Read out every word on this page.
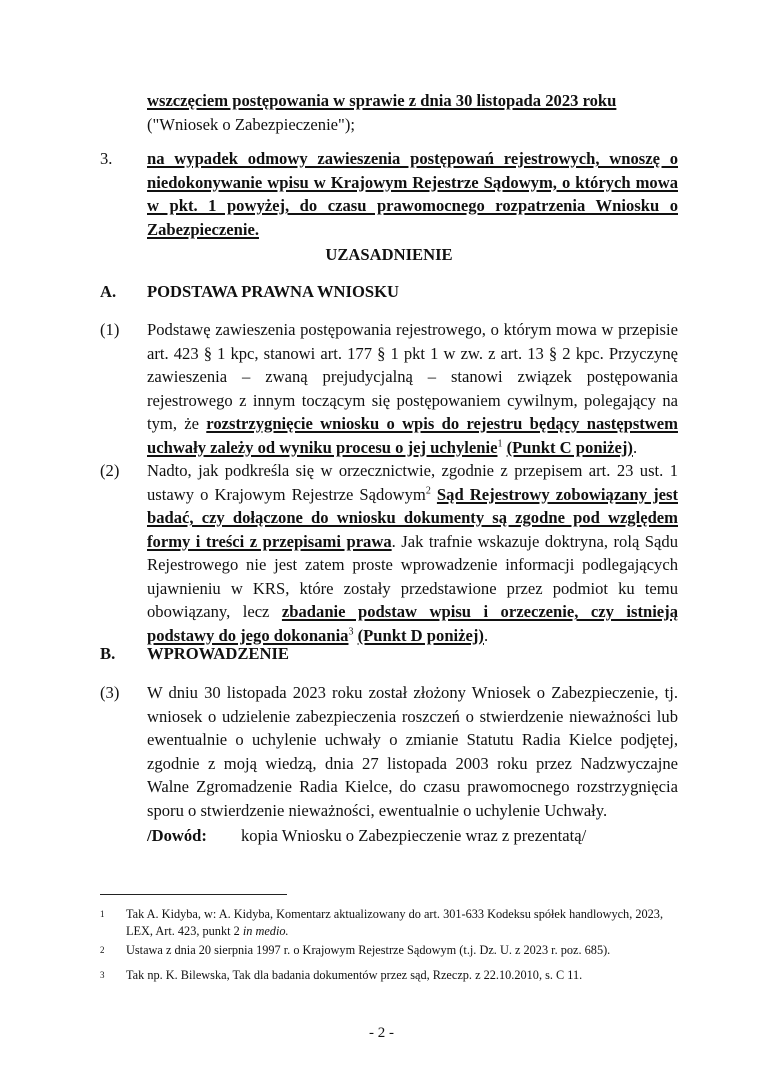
wszczęciem postępowania w sprawie z dnia 30 listopada 2023 roku
("Wniosek o Zabezpieczenie");
3. na wypadek odmowy zawieszenia postępowań rejestrowych, wnoszę o niedokonywanie wpisu w Krajowym Rejestrze Sądowym, o których mowa w pkt. 1 powyżej, do czasu prawomocnego rozpatrzenia Wniosku o Zabezpieczenie.
UZASADNIENIE
A. PODSTAWA PRAWNA WNIOSKU
(1) Podstawę zawieszenia postępowania rejestrowego, o którym mowa w przepisie art. 423 § 1 kpc, stanowi art. 177 § 1 pkt 1 w zw. z art. 13 § 2 kpc. Przyczynę zawieszenia – zwaną prejudycjalną – stanowi związek postępowania rejestrowego z innym toczącym się postępowaniem cywilnym, polegający na tym, że rozstrzygnięcie wniosku o wpis do rejestru będący następstwem uchwały zależy od wyniku procesu o jej uchylenie$^1$ (Punkt C poniżej).
(2) Nadto, jak podkreśla się w orzecznictwie, zgodnie z przepisem art. 23 ust. 1 ustawy o Krajowym Rejestrze Sądowym$^2$ Sąd Rejestrowy zobowiązany jest badać, czy dołączone do wniosku dokumenty są zgodne pod względem formy i treści z przepisami prawa. Jak trafnie wskazuje doktryna, rolą Sądu Rejestrowego nie jest zatem proste wprowadzenie informacji podlegających ujawnieniu w KRS, które zostały przedstawione przez podmiot ku temu obowiązany, lecz zbadanie podstaw wpisu i orzeczenie, czy istnieją podstawy do jego dokonania$^3$ (Punkt D poniżej).
B. WPROWADZENIE
(3) W dniu 30 listopada 2023 roku został złożony Wniosek o Zabezpieczenie, tj. wniosek o udzielenie zabezpieczenia roszczeń o stwierdzenie nieważności lub ewentualnie o uchylenie uchwały o zmianie Statutu Radia Kielce podjętej, zgodnie z moją wiedzą, dnia 27 listopada 2003 roku przez Nadzwyczajne Walne Zgromadzenie Radia Kielce, do czasu prawomocnego rozstrzygnięcia sporu o stwierdzenie nieważności, ewentualnie o uchylenie Uchwały.
/Dowód: kopia Wniosku o Zabezpieczenie wraz z prezentatą/
1 Tak A. Kidyba, w: A. Kidyba, Komentarz aktualizowany do art. 301-633 Kodeksu spółek handlowych, 2023, LEX, Art. 423, punkt 2 in medio.
2 Ustawa z dnia 20 sierpnia 1997 r. o Krajowym Rejestrze Sądowym (t.j. Dz. U. z 2023 r. poz. 685).
3 Tak np. K. Bilewska, Tak dla badania dokumentów przez sąd, Rzeczp. z 22.10.2010, s. C 11.
- 2 -
